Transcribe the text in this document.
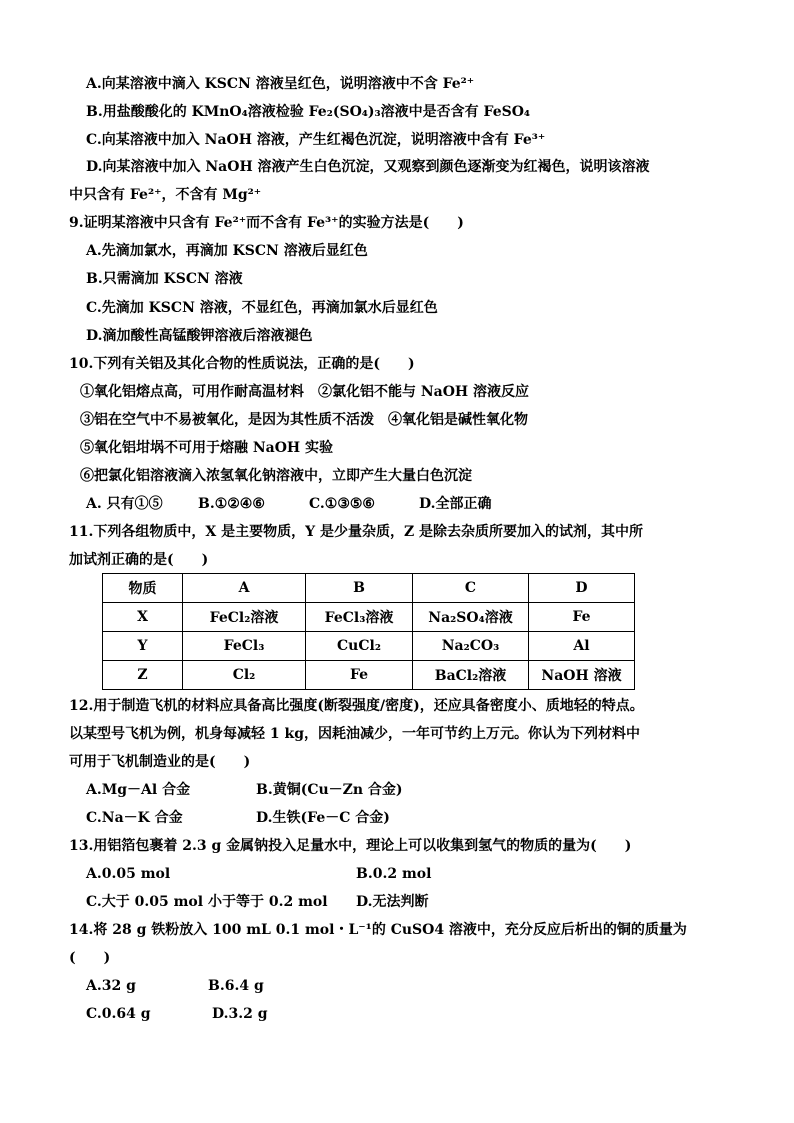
A.向某溶液中滴入 KSCN 溶液呈红色，说明溶液中不含 Fe²⁺
B.用盐酸酸化的 KMnO₄溶液检验 Fe₂(SO₄)₃溶液中是否含有 FeSO₄
C.向某溶液中加入 NaOH 溶液，产生红褐色沉淀，说明溶液中含有 Fe³⁺
D.向某溶液中加入 NaOH 溶液产生白色沉淀，又观察到颜色逐渐变为红褐色，说明该溶液
中只含有 Fe²⁺，不含有 Mg²⁺
9.证明某溶液中只含有 Fe²⁺而不含有 Fe³⁺的实验方法是(　　)
A.先滴加氯水，再滴加 KSCN 溶液后显红色
B.只需滴加 KSCN 溶液
C.先滴加 KSCN 溶液，不显红色，再滴加氯水后显红色
D.滴加酸性高锰酸钾溶液后溶液褪色
10.下列有关铝及其化合物的性质说法，正确的是(　　)
①氧化铝熔点高，可用作耐高温材料　②氯化铝不能与 NaOH 溶液反应
③铝在空气中不易被氧化，是因为其性质不活泼　④氧化铝是碱性氧化物
⑤氧化铝坩埚不可用于熔融 NaOH 实验
⑥把氯化铝溶液滴入浓氢氧化钠溶液中，立即产生大量白色沉淀
A. 只有①⑤	B.①②④⑥	C.①③⑤⑥	D.全部正确
11.下列各组物质中，X 是主要物质，Y 是少量杂质，Z 是除去杂质所要加入的试剂，其中所
加试剂正确的是(　　)
物质	A	B	C	D
X	FeCl₂溶液	FeCl₃溶液	Na₂SO₄溶液	Fe
Y	FeCl₃	CuCl₂	Na₂CO₃	Al
Z	Cl₂	Fe	BaCl₂溶液	NaOH 溶液
12.用于制造飞机的材料应具备高比强度(断裂强度/密度)，还应具备密度小、质地轻的特点。
以某型号飞机为例，机身每减轻 1 kg，因耗油减少，一年可节约上万元。你认为下列材料中
可用于飞机制造业的是(　　)
A.Mg－Al 合金	B.黄铜(Cu－Zn 合金)
C.Na－K 合金	D.生铁(Fe－C 合金)
13.用铝箔包裹着 2.3 g 金属钠投入足量水中，理论上可以收集到氢气的物质的量为(　　)
A.0.05 mol	B.0.2 mol
C.大于 0.05 mol 小于等于 0.2 mol D.无法判断
14.将 28 g 铁粉放入 100 mL 0.1 mol・L⁻¹的 CuSO4 溶液中，充分反应后析出的铜的质量为
(　　)
A.32 g	B.6.4 g
C.0.64 g	D.3.2 g
